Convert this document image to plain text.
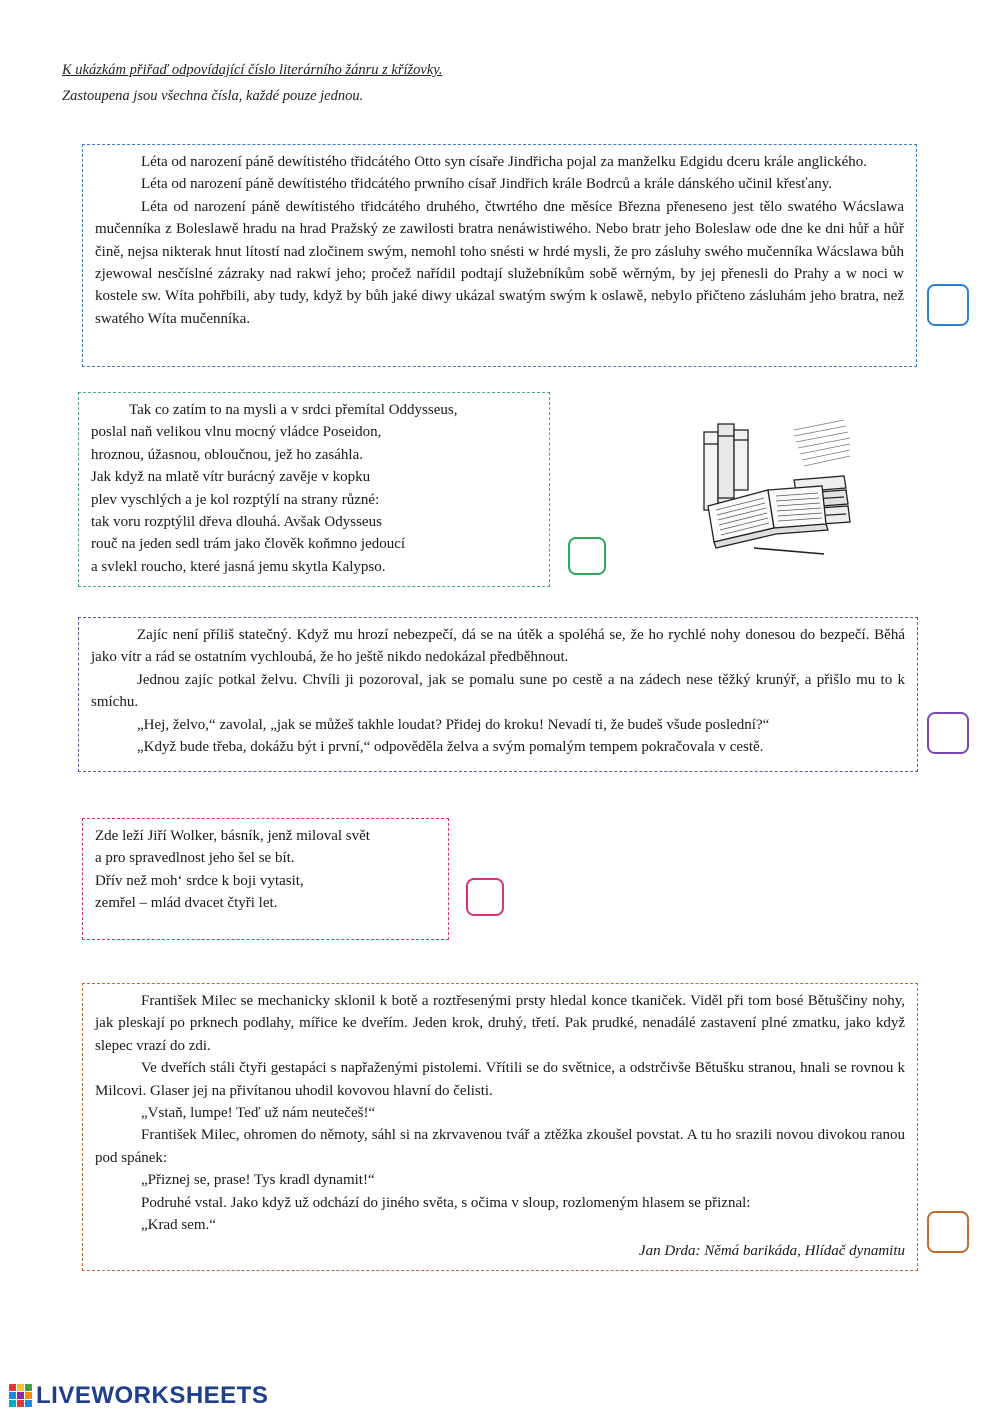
K ukázkám přiřaď odpovídající číslo literárního žánru z křížovky.
Zastoupena jsou všechna čísla, každé pouze jednou.

Léta od narození páně dewítistého třidcátého Otto syn císaře Jindřicha pojal za manželku Edgidu dceru krále anglického.

Léta od narození páně dewítistého třidcátého prwního císař Jindřich krále Bodrců a krále dánského učinil křesťany.

Léta od narození páně dewítistého třidcátého druhého, čtwrtého dne měsíce Března přeneseno jest tělo swatého Wácslawa mučenníka z Boleslawě hradu na hrad Pražský ze zawilosti bratra nenáwistiwého. Nebo bratr jeho Boleslaw ode dne ke dni hůř a hůř čině, nejsa nikterak hnut lítostí nad zločinem swým, nemohl toho snésti w hrdé mysli, že pro zásluhy swého mučenníka Wácslawa bůh zjewowal nesčíslné zázraky nad rakwí jeho; pročež nařídil podtají služebníkům sobě wěrným, by jej přenesli do Prahy a w noci w kostele sw. Wíta pohřbili, aby tudy, když by bůh jaké diwy ukázal swatým swým k oslawě, nebylo přičteno zásluhám jeho bratra, než swatého Wíta mučenníka.

Tak co zatím to na mysli a v srdci přemítal Oddysseus,
poslal naň velikou vlnu mocný vládce Poseidon,
hroznou, úžasnou, obloučnou, jež ho zasáhla.
Jak když na mlatě vítr burácný zavěje v kopku
plev vyschlých a je kol rozptýlí na strany různé:
tak voru rozptýlil dřeva dlouhá. Avšak Odysseus
rouč na jeden sedl trám jako člověk koňmno jedoucí
a svlekl roucho, které jasná jemu skytla Kalypso.

Zajíc není příliš statečný. Když mu hrozí nebezpečí, dá se na útěk a spoléhá se, že ho rychlé nohy donesou do bezpečí. Běhá jako vítr a rád se ostatním vychloubá, že ho ještě nikdo nedokázal předběhnout.

Jednou zajíc potkal želvu. Chvíli ji pozoroval, jak se pomalu sune po cestě a na zádech nese těžký krunýř, a přišlo mu to k smíchu.

„Hej, želvo,“ zavolal, „jak se můžeš takhle loudat? Přidej do kroku! Nevadí ti, že budeš všude poslední?“

„Když bude třeba, dokážu být i první,“ odpověděla želva a svým pomalým tempem pokračovala v cestě.

Zde leží Jiří Wolker, básník, jenž miloval svět
a pro spravedlnost jeho šel se bít.
Dřív než moh‘ srdce k boji vytasit,
zemřel – mlád dvacet čtyři let.

František Milec se mechanicky sklonil k botě a roztřesenými prsty hledal konce tkaniček. Viděl při tom bosé Bětuščiny nohy, jak pleskají po prknech podlahy, mířice ke dveřím. Jeden krok, druhý, třetí. Pak prudké, nenadálé zastavení plné zmatku, jako když slepec vrazí do zdi.

Ve dveřích stáli čtyři gestapáci s napřaženými pistolemi. Vřítili se do světnice, a odstrčivše Bětušku stranou, hnali se rovnou k Milcovi. Glaser jej na přivítanou uhodil kovovou hlavní do čelisti.

„Vstaň, lumpe! Teď už nám neutečeš!“

František Milec, ohromen do němoty, sáhl si na zkrvavenou tvář a ztěžka zkoušel povstat. A tu ho srazili novou divokou ranou pod spánek:

„Přiznej se, prase! Tys kradl dynamit!“

Podruhé vstal. Jako když už odchází do jiného světa, s očima v sloup, rozlomeným hlasem se přiznal:

„Krad sem.“

Jan Drda: Němá barikáda, Hlídač dynamitu
LIVEWORKSHEETS
